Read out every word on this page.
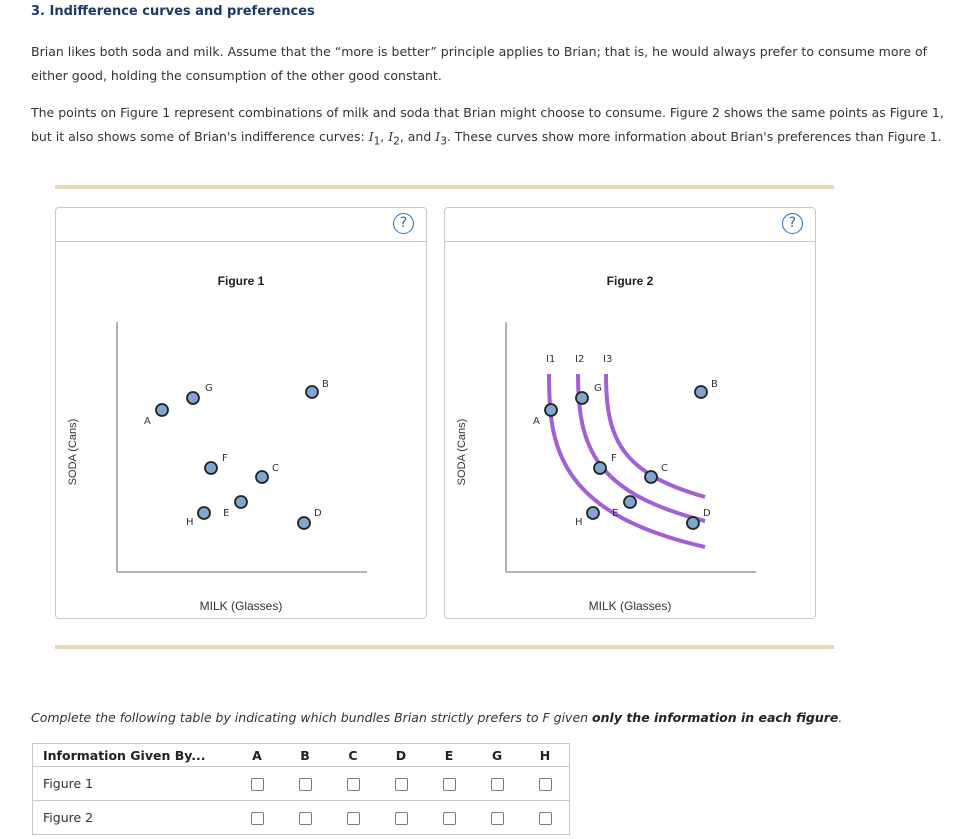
3. Indifference curves and preferences
Brian likes both soda and milk. Assume that the “more is better” principle applies to Brian; that is, he would always prefer to consume more of either good, holding the consumption of the other good constant.
The points on Figure 1 represent combinations of milk and soda that Brian might choose to consume. Figure 2 shows the same points as Figure 1, but it also shows some of Brian's indifference curves: $I_1$, $I_2$, and $I_3$. These curves show more information about Brian's preferences than Figure 1.
?
Figure 1
MILK (Glasses)
SODA (Cans)	A
G	B
F
C
H
E	D
?
Figure 2
MILK (Glasses)
SODA (Cans)
I1 I2 I3
A
G	B
F
C
H
E	D
Complete the following table by indicating which bundles Brian strictly prefers to F given only the information in each figure.
Information Given By...	A	B	C	D	E	G	H
Figure 1							
Figure 2							
